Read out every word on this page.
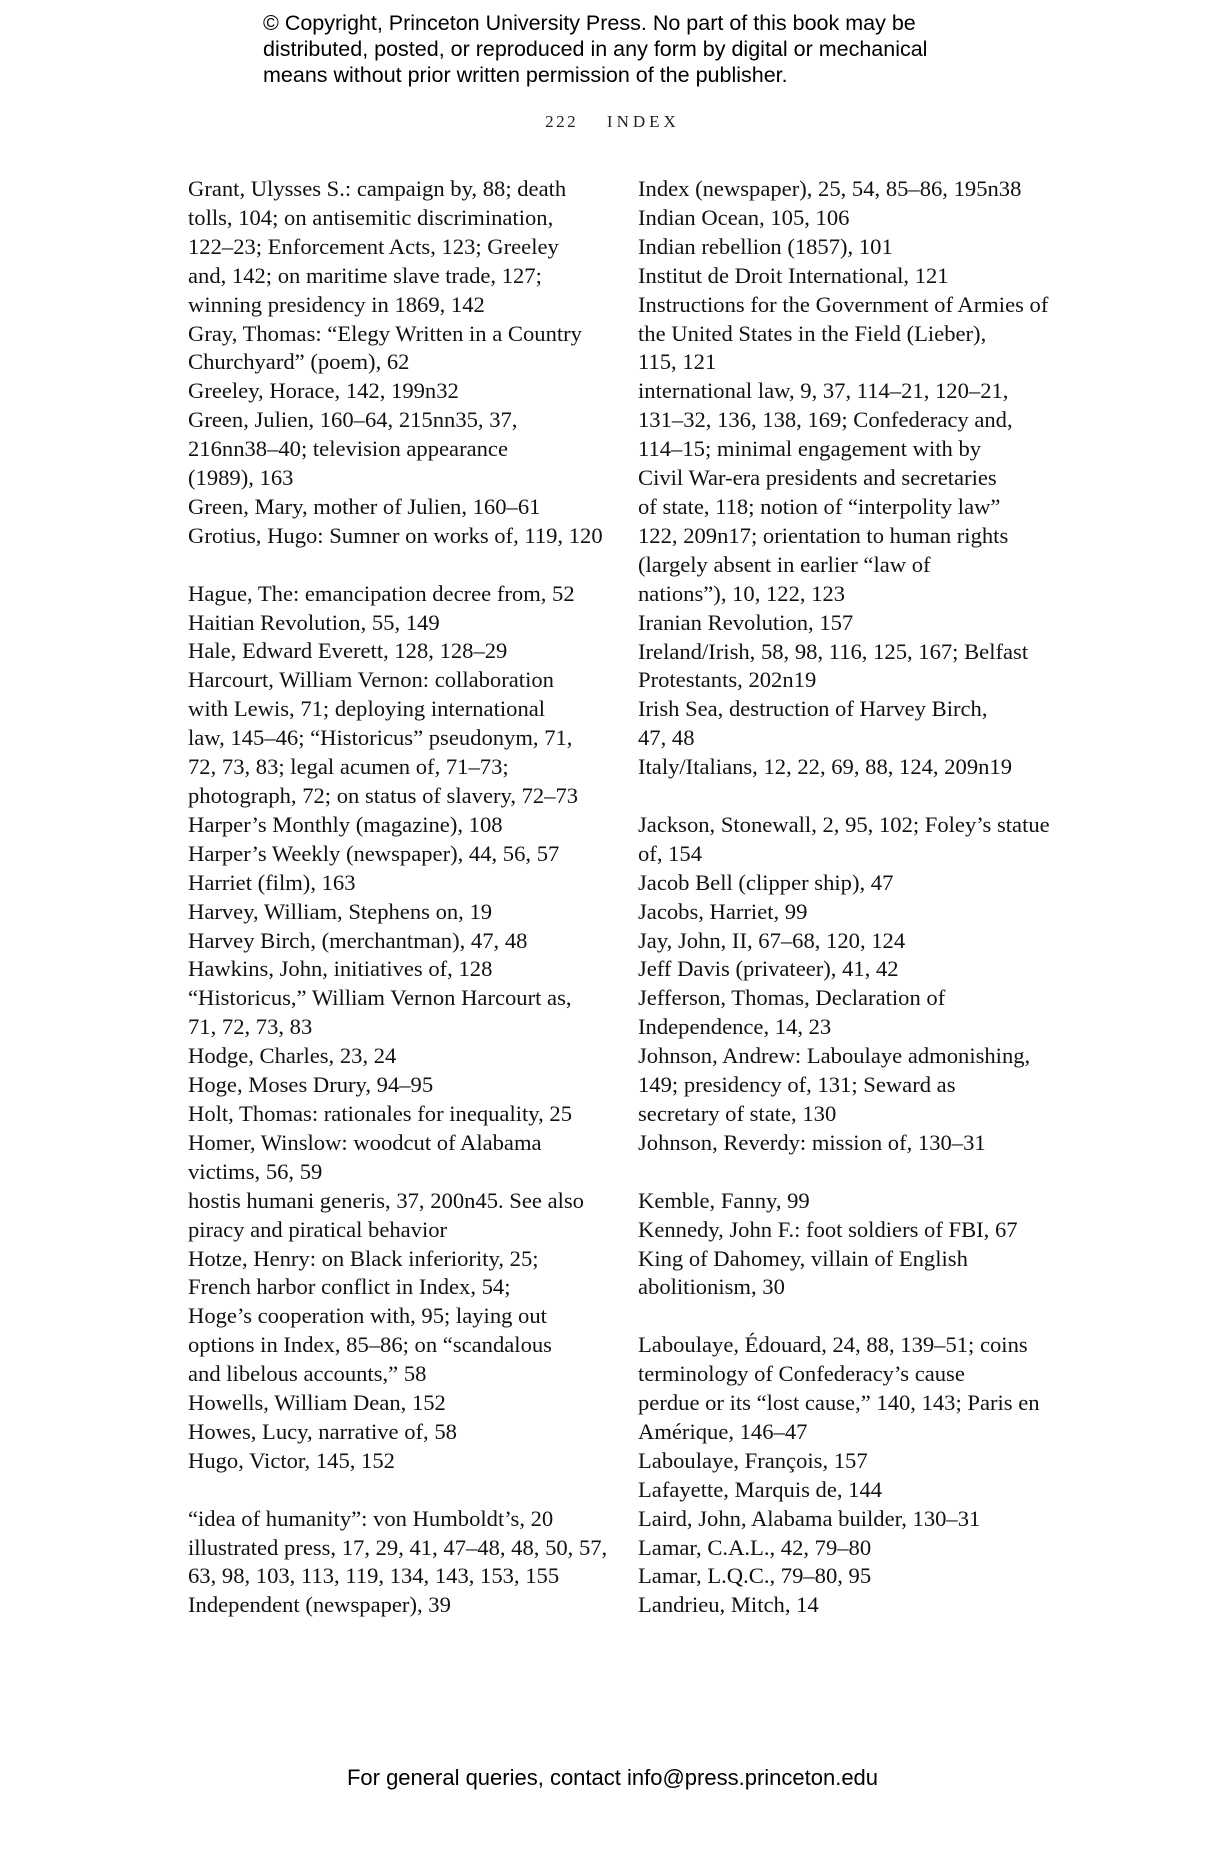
© Copyright, Princeton University Press. No part of this book may be
distributed, posted, or reproduced in any form by digital or mechanical
means without prior written permission of the publisher.
222 INDEX
Grant, Ulysses S.: campaign by, 88; death
tolls, 104; on antisemitic discrimination,
122–23; Enforcement Acts, 123; Greeley
and, 142; on maritime slave trade, 127;
winning presidency in 1869, 142
Gray, Thomas: “Elegy Written in a Country
Churchyard” (poem), 62
Greeley, Horace, 142, 199n32
Green, Julien, 160–64, 215nn35, 37,
216nn38–40; television appearance
(1989), 163
Green, Mary, mother of Julien, 160–61
Grotius, Hugo: Sumner on works of, 119, 120
Hague, The: emancipation decree from, 52
Haitian Revolution, 55, 149
Hale, Edward Everett, 128, 128–29
Harcourt, William Vernon: collaboration
with Lewis, 71; deploying international
law, 145–46; “Historicus” pseudonym, 71,
72, 73, 83; legal acumen of, 71–73;
photograph, 72; on status of slavery, 72–73
Harper’s Monthly (magazine), 108
Harper’s Weekly (newspaper), 44, 56, 57
Harriet (film), 163
Harvey, William, Stephens on, 19
Harvey Birch, (merchantman), 47, 48
Hawkins, John, initiatives of, 128
“Historicus,” William Vernon Harcourt as,
71, 72, 73, 83
Hodge, Charles, 23, 24
Hoge, Moses Drury, 94–95
Holt, Thomas: rationales for inequality, 25
Homer, Winslow: woodcut of Alabama
victims, 56, 59
hostis humani generis, 37, 200n45. See also
piracy and piratical behavior
Hotze, Henry: on Black inferiority, 25;
French harbor conflict in Index, 54;
Hoge’s cooperation with, 95; laying out
options in Index, 85–86; on “scandalous
and libelous accounts,” 58
Howells, William Dean, 152
Howes, Lucy, narrative of, 58
Hugo, Victor, 145, 152
“idea of humanity”: von Humboldt’s, 20
illustrated press, 17, 29, 41, 47–48, 48, 50, 57,
63, 98, 103, 113, 119, 134, 143, 153, 155
Independent (newspaper), 39
Index (newspaper), 25, 54, 85–86, 195n38
Indian Ocean, 105, 106
Indian rebellion (1857), 101
Institut de Droit International, 121
Instructions for the Government of Armies of
the United States in the Field (Lieber),
115, 121
international law, 9, 37, 114–21, 120–21,
131–32, 136, 138, 169; Confederacy and,
114–15; minimal engagement with by
Civil War-era presidents and secretaries
of state, 118; notion of “interpolity law”
122, 209n17; orientation to human rights
(largely absent in earlier “law of
nations”), 10, 122, 123
Iranian Revolution, 157
Ireland/Irish, 58, 98, 116, 125, 167; Belfast
Protestants, 202n19
Irish Sea, destruction of Harvey Birch,
47, 48
Italy/Italians, 12, 22, 69, 88, 124, 209n19
Jackson, Stonewall, 2, 95, 102; Foley’s statue
of, 154
Jacob Bell (clipper ship), 47
Jacobs, Harriet, 99
Jay, John, II, 67–68, 120, 124
Jeff Davis (privateer), 41, 42
Jefferson, Thomas, Declaration of
Independence, 14, 23
Johnson, Andrew: Laboulaye admonishing,
149; presidency of, 131; Seward as
secretary of state, 130
Johnson, Reverdy: mission of, 130–31
Kemble, Fanny, 99
Kennedy, John F.: foot soldiers of FBI, 67
King of Dahomey, villain of English
abolitionism, 30
Laboulaye, Édouard, 24, 88, 139–51; coins
terminology of Confederacy’s cause
perdue or its “lost cause,” 140, 143; Paris en
Amérique, 146–47
Laboulaye, François, 157
Lafayette, Marquis de, 144
Laird, John, Alabama builder, 130–31
Lamar, C.A.L., 42, 79–80
Lamar, L.Q.C., 79–80, 95
Landrieu, Mitch, 14
For general queries, contact info@press.princeton.edu
